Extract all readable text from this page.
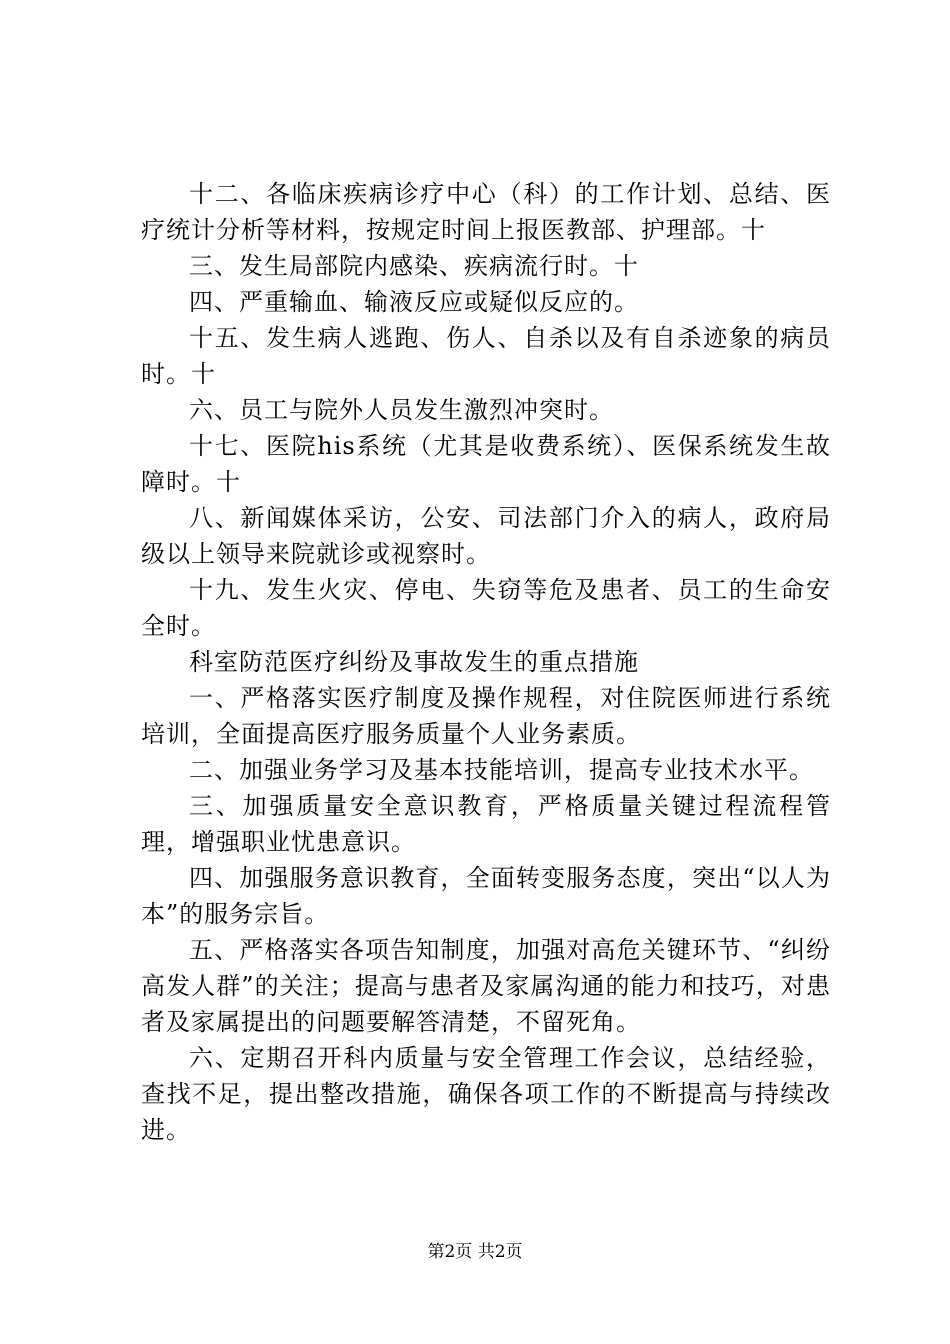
十二、各临床疾病诊疗中心（科）的工作计划、总结、医疗统计分析等材料，按规定时间上报医教部、护理部。十

三、发生局部院内感染、疾病流行时。十

四、严重输血、输液反应或疑似反应的。

十五、发生病人逃跑、伤人、自杀以及有自杀迹象的病员时。十

六、员工与院外人员发生激烈冲突时。

十七、医院his系统（尤其是收费系统）、医保系统发生故障时。十

八、新闻媒体采访，公安、司法部门介入的病人，政府局级以上领导来院就诊或视察时。

十九、发生火灾、停电、失窃等危及患者、员工的生命安全时。

科室防范医疗纠纷及事故发生的重点措施

一、严格落实医疗制度及操作规程，对住院医师进行系统培训，全面提高医疗服务质量个人业务素质。

二、加强业务学习及基本技能培训，提高专业技术水平。

三、加强质量安全意识教育，严格质量关键过程流程管理，增强职业忧患意识。

四、加强服务意识教育，全面转变服务态度，突出“以人为本”的服务宗旨。

五、严格落实各项告知制度，加强对高危关键环节、“纠纷高发人群”的关注；提高与患者及家属沟通的能力和技巧，对患者及家属提出的问题要解答清楚，不留死角。

六、定期召开科内质量与安全管理工作会议，总结经验，查找不足，提出整改措施，确保各项工作的不断提高与持续改进。

第2页 共2页
